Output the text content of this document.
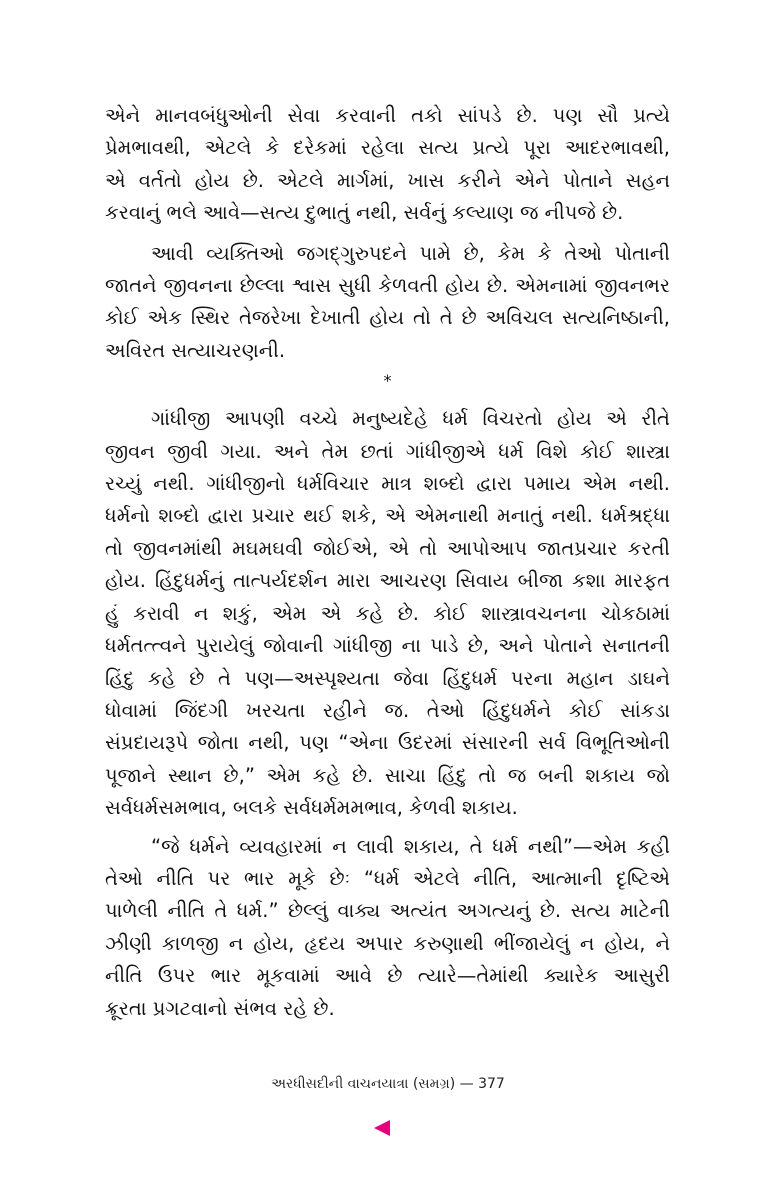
એને માનવબંધુઓની સેવા કરવાની તકો સાંપડે છે. પણ સૌ પ્રત્યે
પ્રેમભાવથી, એટલે કે દરેકમાં રહેલા સત્ય પ્રત્યે પૂરા આદરભાવથી,
એ વર્તતો હોય છે. એટલે માર્ગમાં, ખાસ કરીને એને પોતાને સહન
કરવાનું ભલે આવે—સત્ય દુભાતું નથી, સર્વનું કલ્યાણ જ નીપજે છે.

આવી વ્યક્તિઓ જગદ્ગુરુપદને પામે છે, કેમ કે તેઓ પોતાની
જાતને જીવનના છેલ્લા શ્વાસ સુધી કેળવતી હોય છે. એમનામાં જીવનભર
કોઈ એક સ્થિર તેજરેખા દેખાતી હોય તો તે છે અવિચલ સત્યનિષ્ઠાની,
અવિરત સત્યાચરણની.

*

ગાંધીજી આપણી વચ્ચે મનુષ્યદેહે ધર્મ વિચરતો હોય એ રીતે
જીવન જીવી ગયા. અને તેમ છતાં ગાંધીજીએ ધર્મ વિશે કોઈ શાસ્ત્રા
રચ્યું નથી. ગાંધીજીનો ધર્મવિચાર માત્ર શબ્દો દ્વારા પમાય એમ નથી.
ધર્મનો શબ્દો દ્વારા પ્રચાર થઈ શકે, એ એમનાથી મનાતું નથી. ધર્મશ્રદ્ધા
તો જીવનમાંથી મઘમઘવી જોઈએ, એ તો આપોઆપ જાતપ્રચાર કરતી
હોય. હિંદુધર્મનું તાત્પર્યદર્શન મારા આચરણ સિવાય બીજા કશા મારફત
હું કરાવી ન શકું, એમ એ કહે છે. કોઈ શાસ્ત્રાવચનના ચોકઠામાં
ધર્મતત્ત્વને પુરાયેલું જોવાની ગાંધીજી ના પાડે છે, અને પોતાને સનાતની
હિંદુ કહે છે તે પણ—અસ્પૃશ્યતા જેવા હિંદુધર્મ પરના મહાન ડાઘને
ધોવામાં જિંદગી ખરચતા રહીને જ. તેઓ હિંદુધર્મને કોઈ સાંકડા
સંપ્રદાયરૂપે જોતા નથી, પણ “એના ઉદરમાં સંસારની સર્વ વિભૂતિઓની
પૂજાને સ્થાન છે,” એમ કહે છે. સાચા હિંદુ તો જ બની શકાય જો
સર્વધર્મસમભાવ, બલકે સર્વધર્મમમભાવ, કેળવી શકાય.

“જે ધર્મને વ્યવહારમાં ન લાવી શકાય, તે ધર્મ નથી”—એમ કહી
તેઓ નીતિ પર ભાર મૂકે છેઃ “ધર્મ એટલે નીતિ, આત્માની દૃષ્ટિએ
પાળેલી નીતિ તે ધર્મ.” છેલ્લું વાક્ય અત્યંત અગત્યનું છે. સત્ય માટેની
ઝીણી કાળજી ન હોય, હૃદય અપાર કરુણાથી ભીંજાયેલું ન હોય, ને
નીતિ ઉપર ભાર મૂકવામાં આવે છે ત્યારે—તેમાંથી ક્યારેક આસુરી
ક્રૂરતા પ્રગટવાનો સંભવ રહે છે.

અરધીસદીની વાચનયાત્રા (સમગ્ર) — 377
